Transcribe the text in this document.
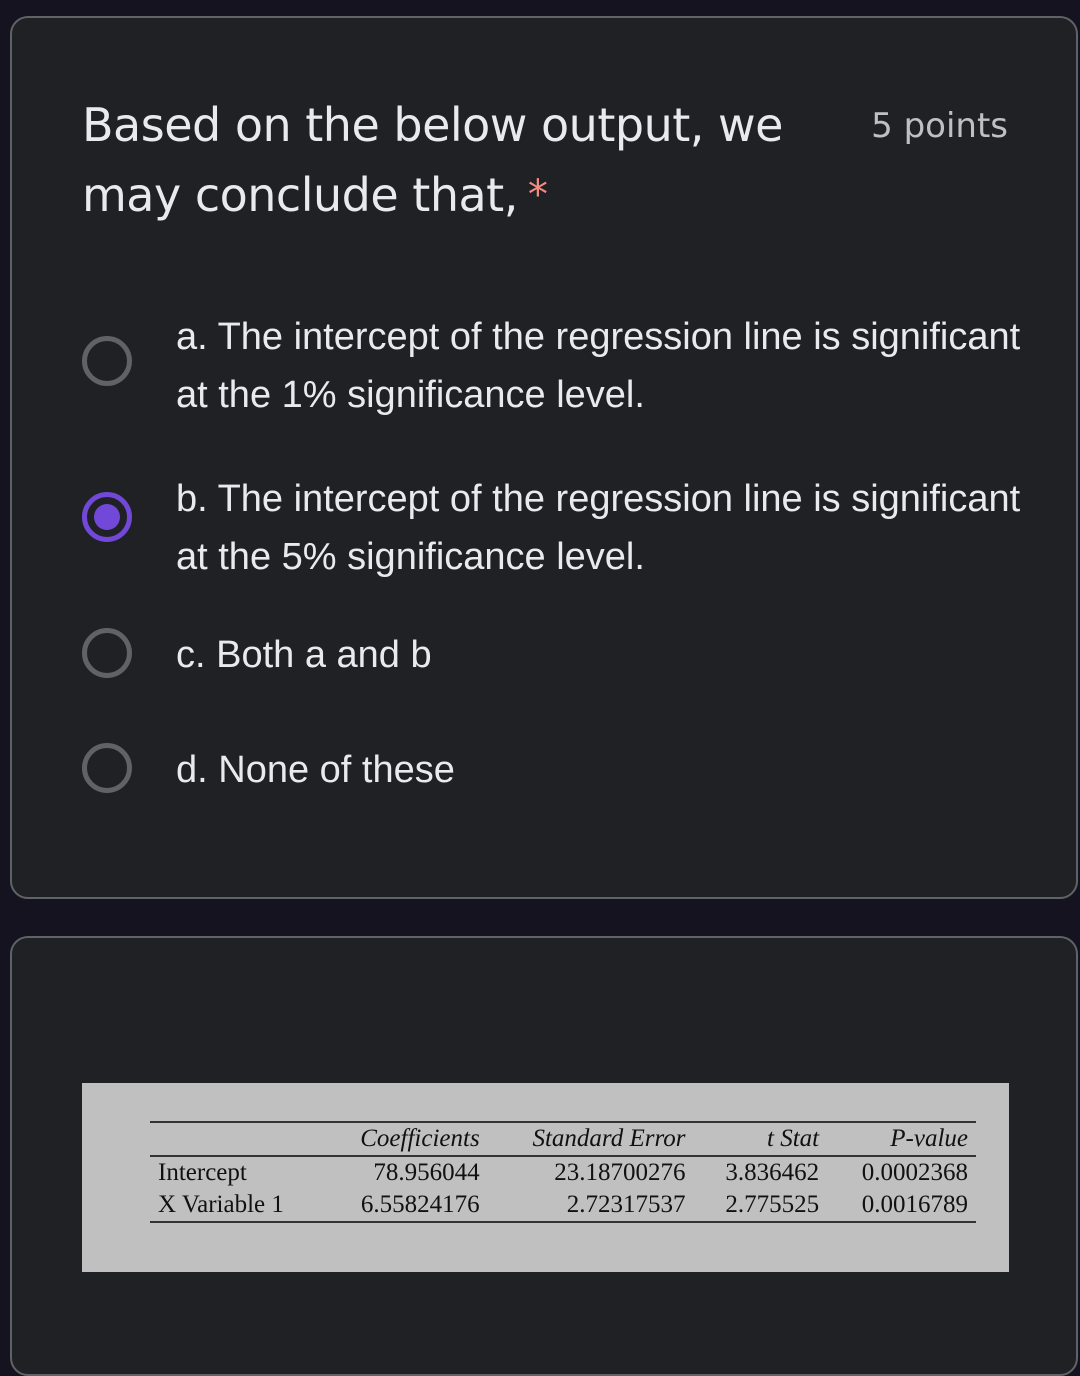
Based on the below output, we may conclude that, *
5 points
a. The intercept of the regression line is significant at the 1% significance level.
b. The intercept of the regression line is significant at the 5% significance level.
c. Both a and b
d. None of these
	Coefficients	Standard Error	t Stat	P-value
Intercept	78.956044	23.18700276	3.836462	0.0002368
X Variable 1	6.55824176	2.72317537	2.775525	0.0016789
